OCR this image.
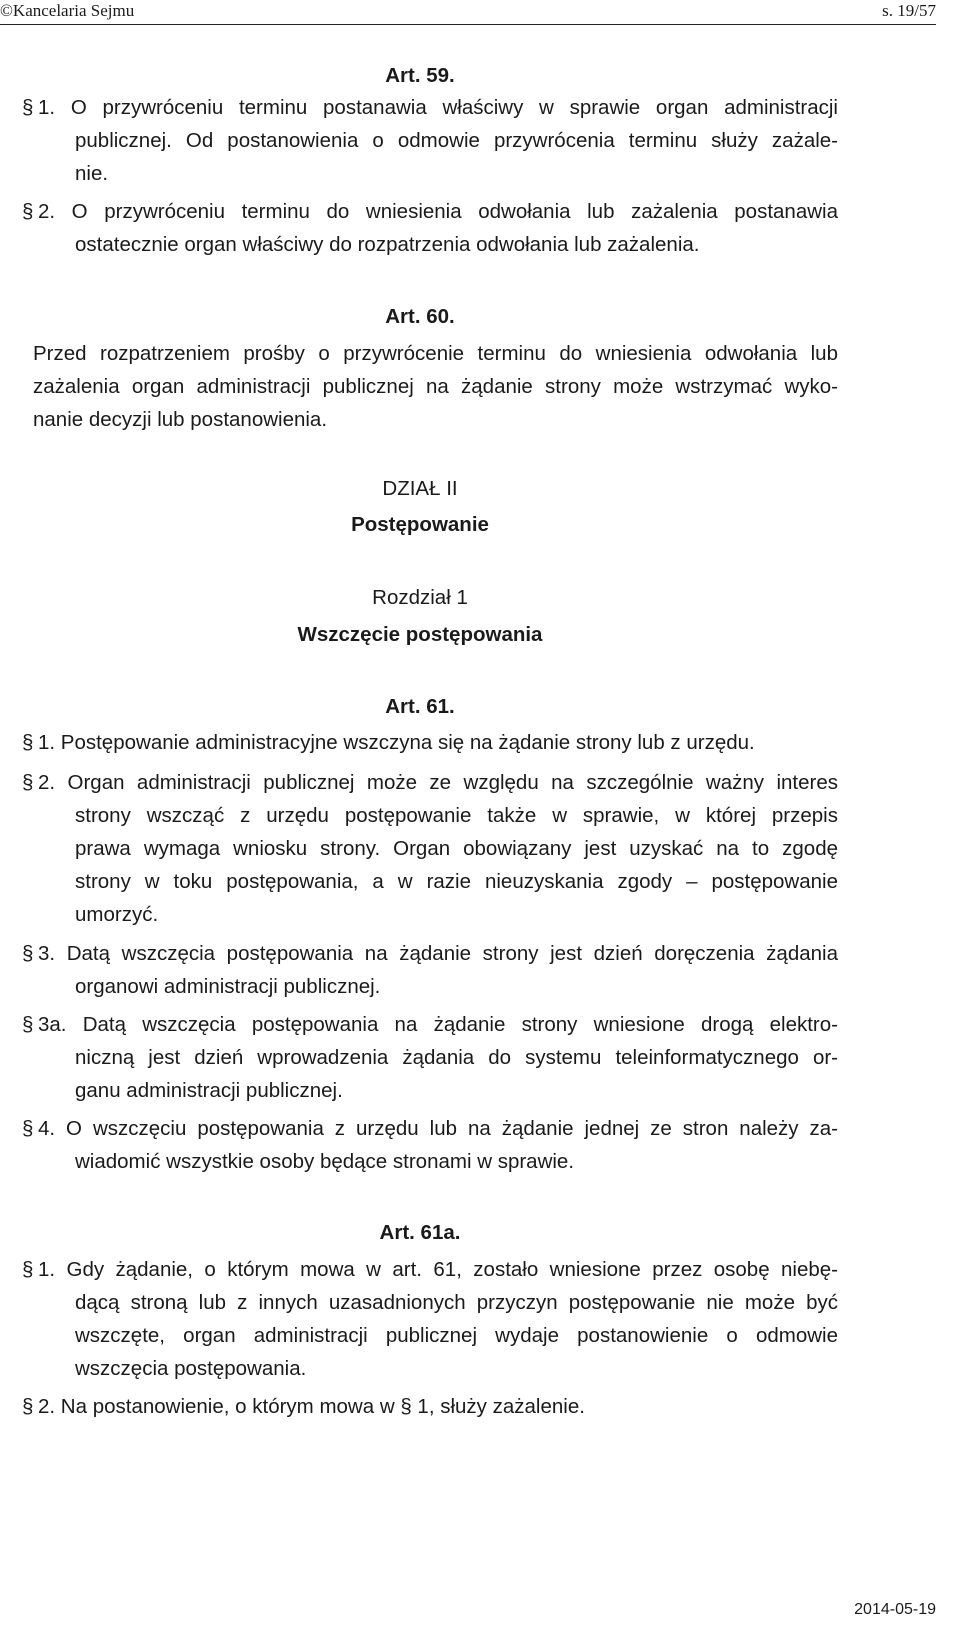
©Kancelaria Sejmu	s. 19/57
Art. 59.
§ 1. O przywróceniu terminu postanawia właściwy w sprawie organ administracji
publicznej. Od postanowienia o odmowie przywrócenia terminu służy zażale-
nie.
§ 2. O przywróceniu terminu do wniesienia odwołania lub zażalenia postanawia
ostatecznie organ właściwy do rozpatrzenia odwołania lub zażalenia.
Art. 60.
Przed rozpatrzeniem prośby o przywrócenie terminu do wniesienia odwołania lub
zażalenia organ administracji publicznej na żądanie strony może wstrzymać wyko-
nanie decyzji lub postanowienia.
DZIAŁ II
Postępowanie
Rozdział 1
Wszczęcie postępowania
Art. 61.
§ 1. Postępowanie administracyjne wszczyna się na żądanie strony lub z urzędu.
§ 2. Organ administracji publicznej może ze względu na szczególnie ważny interes
strony wszcząć z urzędu postępowanie także w sprawie, w której przepis
prawa wymaga wniosku strony. Organ obowiązany jest uzyskać na to zgodę
strony w toku postępowania, a w razie nieuzyskania zgody – postępowanie
umorzyć.
§ 3. Datą wszczęcia postępowania na żądanie strony jest dzień doręczenia żądania
organowi administracji publicznej.
§ 3a. Datą wszczęcia postępowania na żądanie strony wniesione drogą elektro-
niczną jest dzień wprowadzenia żądania do systemu teleinformatycznego or-
ganu administracji publicznej.
§ 4. O wszczęciu postępowania z urzędu lub na żądanie jednej ze stron należy za-
wiadomić wszystkie osoby będące stronami w sprawie.
Art. 61a.
§ 1. Gdy żądanie, o którym mowa w art. 61, zostało wniesione przez osobę niebę-
dącą stroną lub z innych uzasadnionych przyczyn postępowanie nie może być
wszczęte, organ administracji publicznej wydaje postanowienie o odmowie
wszczęcia postępowania.
§ 2. Na postanowienie, o którym mowa w § 1, służy zażalenie.
2014-05-19
